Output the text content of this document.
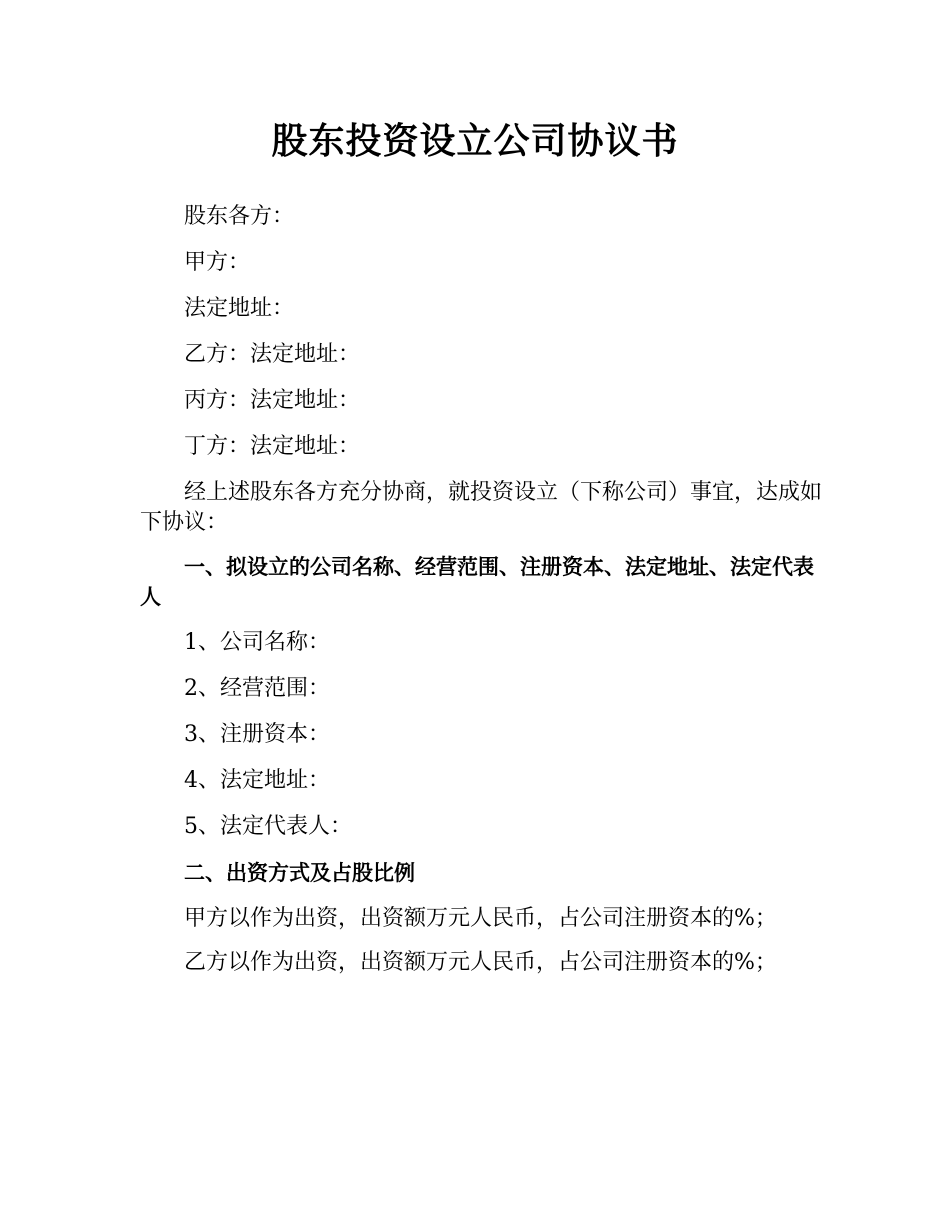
股东投资设立公司协议书

股东各方：

甲方：

法定地址：

乙方：法定地址：

丙方：法定地址：

丁方：法定地址：

经上述股东各方充分协商，就投资设立（下称公司）事宜，达成如下协议：

一、拟设立的公司名称、经营范围、注册资本、法定地址、法定代表人

1、公司名称：

2、经营范围：

3、注册资本：

4、法定地址：

5、法定代表人：

二、出资方式及占股比例

甲方以作为出资，出资额万元人民币，占公司注册资本的%；

乙方以作为出资，出资额万元人民币，占公司注册资本的%；
